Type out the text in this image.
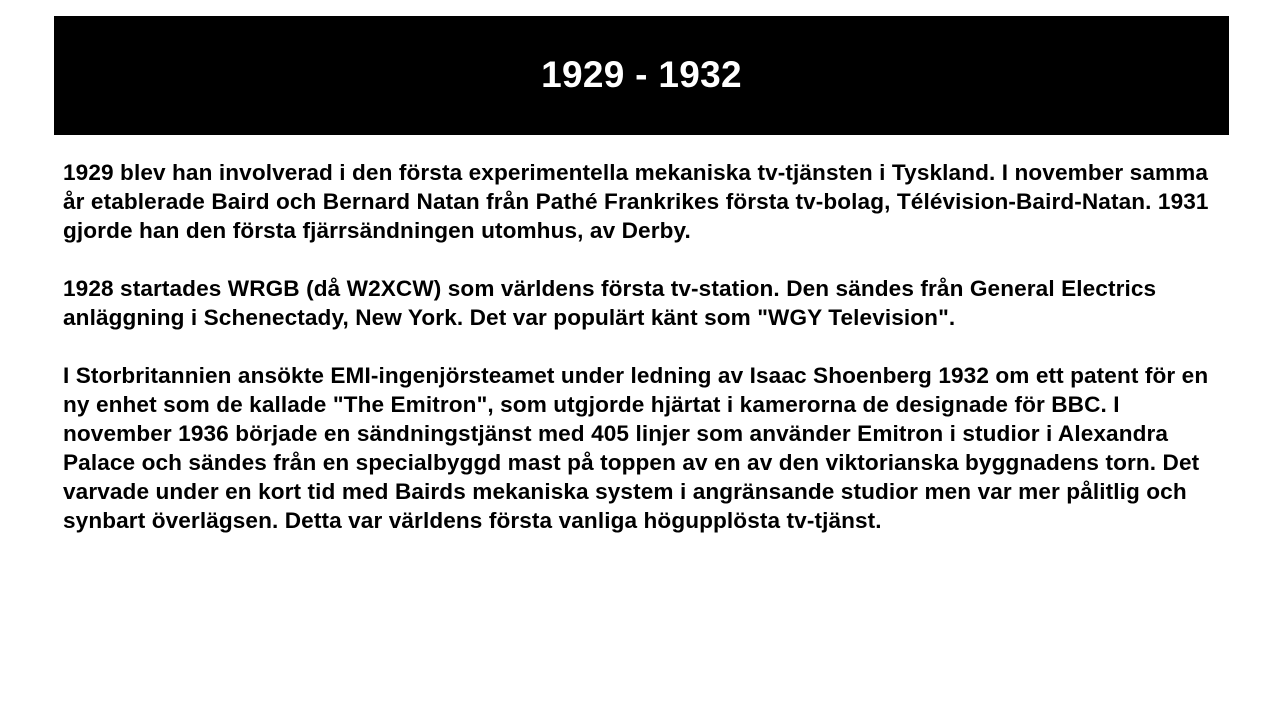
1929 - 1932

1929 blev han involverad i den första experimentella mekaniska tv-tjänsten i Tyskland. I november samma år etablerade Baird och Bernard Natan från Pathé Frankrikes första tv-bolag, Télévision-Baird-Natan. 1931 gjorde han den första fjärrsändningen utomhus, av Derby.

1928 startades WRGB (då W2XCW) som världens första tv-station. Den sändes från General Electrics anläggning i Schenectady, New York. Det var populärt känt som "WGY Television".

I Storbritannien ansökte EMI-ingenjörsteamet under ledning av Isaac Shoenberg 1932 om ett patent för en ny enhet som de kallade "The Emitron", som utgjorde hjärtat i kamerorna de designade för BBC. I november 1936 började en sändningstjänst med 405 linjer som använder Emitron i studior i Alexandra Palace och sändes från en specialbyggd mast på toppen av en av den viktorianska byggnadens torn. Det varvade under en kort tid med Bairds mekaniska system i angränsande studior men var mer pålitlig och synbart överlägsen. Detta var världens första vanliga högupplösta tv-tjänst.
